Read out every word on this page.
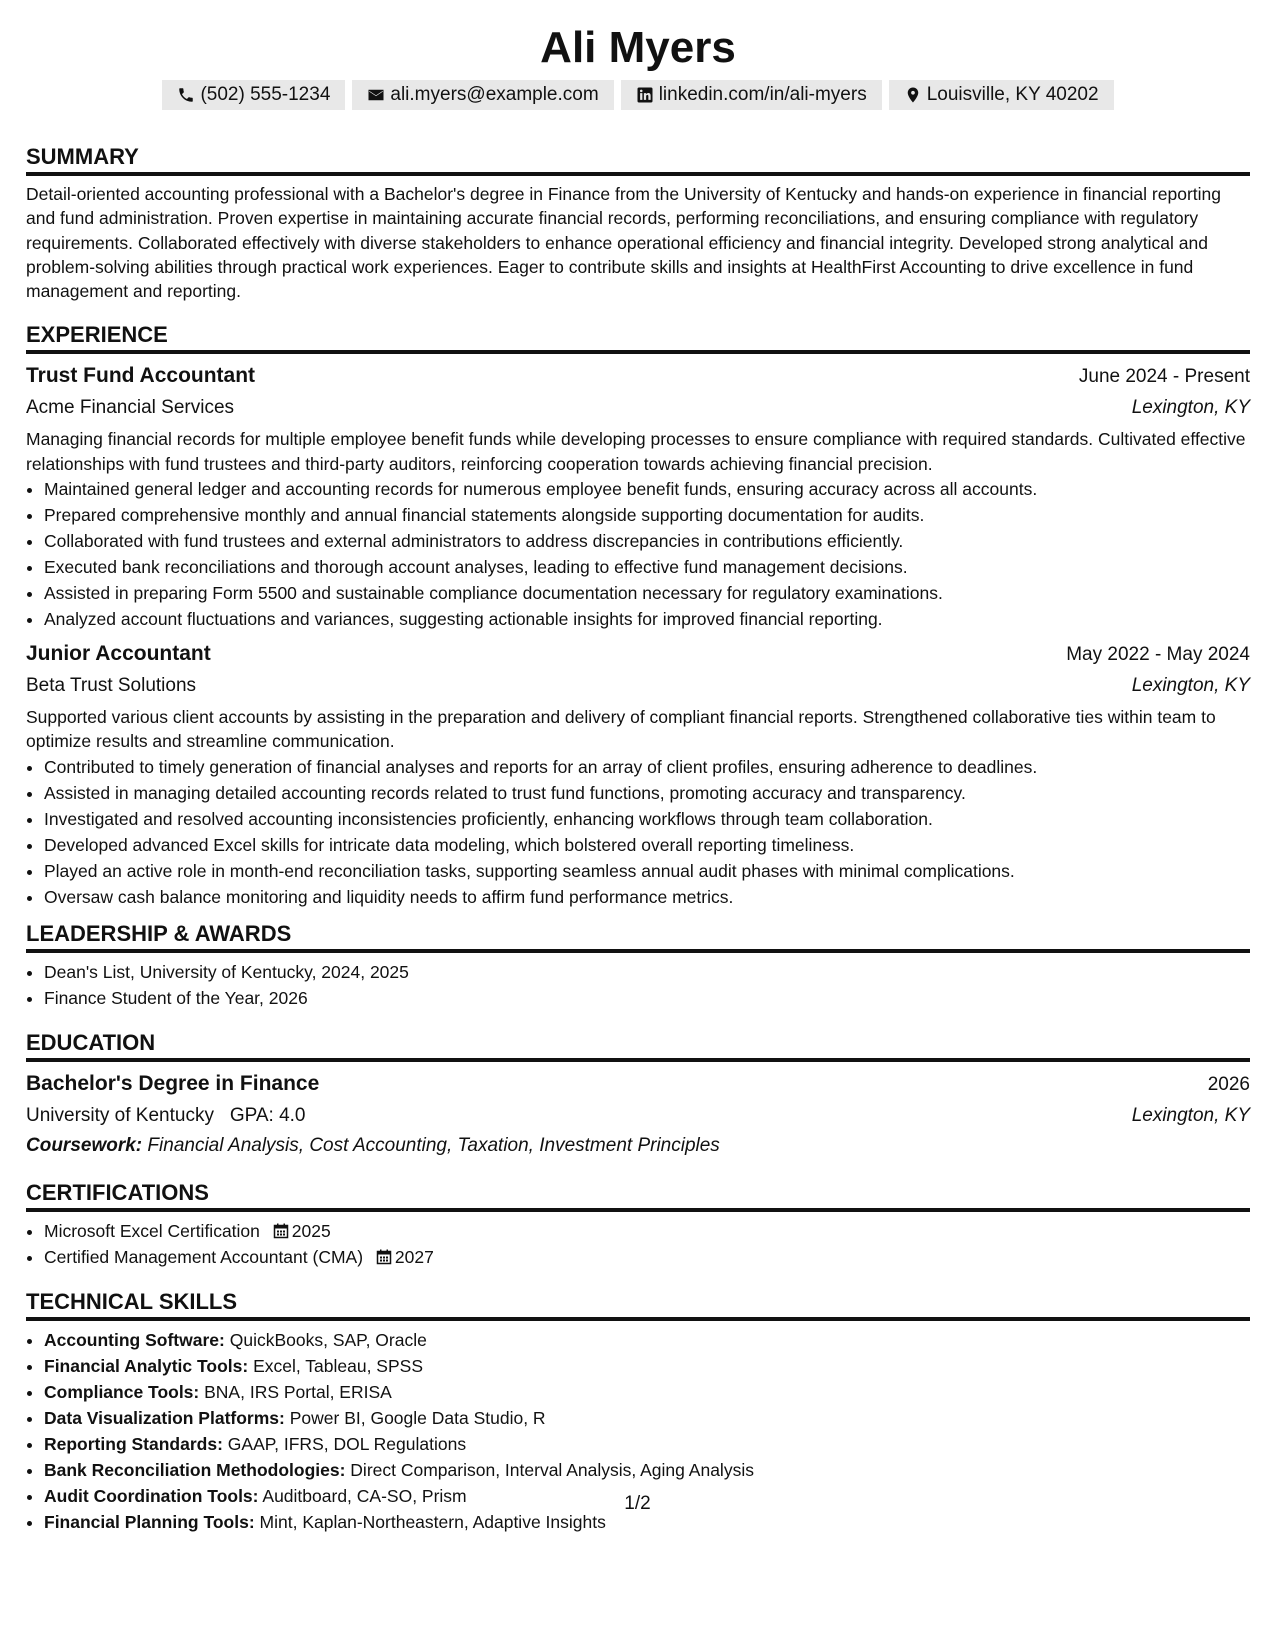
Ali Myers
(502) 555-1234	ali.myers@example.com	linkedin.com/in/ali-myers	Louisville, KY 40202
SUMMARY
Detail-oriented accounting professional with a Bachelor's degree in Finance from the University of Kentucky and hands-on experience in financial reporting and fund administration. Proven expertise in maintaining accurate financial records, performing reconciliations, and ensuring compliance with regulatory requirements. Collaborated effectively with diverse stakeholders to enhance operational efficiency and financial integrity. Developed strong analytical and problem-solving abilities through practical work experiences. Eager to contribute skills and insights at HealthFirst Accounting to drive excellence in fund management and reporting.
EXPERIENCE
Trust Fund Accountant	June 2024 - Present
Acme Financial Services	Lexington, KY
Managing financial records for multiple employee benefit funds while developing processes to ensure compliance with required standards. Cultivated effective relationships with fund trustees and third-party auditors, reinforcing cooperation towards achieving financial precision.
• Maintained general ledger and accounting records for numerous employee benefit funds, ensuring accuracy across all accounts.
• Prepared comprehensive monthly and annual financial statements alongside supporting documentation for audits.
• Collaborated with fund trustees and external administrators to address discrepancies in contributions efficiently.
• Executed bank reconciliations and thorough account analyses, leading to effective fund management decisions.
• Assisted in preparing Form 5500 and sustainable compliance documentation necessary for regulatory examinations.
• Analyzed account fluctuations and variances, suggesting actionable insights for improved financial reporting.
Junior Accountant	May 2022 - May 2024
Beta Trust Solutions	Lexington, KY
Supported various client accounts by assisting in the preparation and delivery of compliant financial reports. Strengthened collaborative ties within team to optimize results and streamline communication.
• Contributed to timely generation of financial analyses and reports for an array of client profiles, ensuring adherence to deadlines.
• Assisted in managing detailed accounting records related to trust fund functions, promoting accuracy and transparency.
• Investigated and resolved accounting inconsistencies proficiently, enhancing workflows through team collaboration.
• Developed advanced Excel skills for intricate data modeling, which bolstered overall reporting timeliness.
• Played an active role in month-end reconciliation tasks, supporting seamless annual audit phases with minimal complications.
• Oversaw cash balance monitoring and liquidity needs to affirm fund performance metrics.
LEADERSHIP & AWARDS
• Dean's List, University of Kentucky, 2024, 2025
• Finance Student of the Year, 2026
EDUCATION
Bachelor's Degree in Finance	2026
University of Kentucky GPA: 4.0	Lexington, KY
Coursework: Financial Analysis, Cost Accounting, Taxation, Investment Principles
CERTIFICATIONS
• Microsoft Excel Certification 2025
• Certified Management Accountant (CMA) 2027
TECHNICAL SKILLS
• Accounting Software: QuickBooks, SAP, Oracle
• Financial Analytic Tools: Excel, Tableau, SPSS
• Compliance Tools: BNA, IRS Portal, ERISA
• Data Visualization Platforms: Power BI, Google Data Studio, R
• Reporting Standards: GAAP, IFRS, DOL Regulations
• Bank Reconciliation Methodologies: Direct Comparison, Interval Analysis, Aging Analysis
• Audit Coordination Tools: Auditboard, CA-SO, Prism
• Financial Planning Tools: Mint, Kaplan-Northeastern, Adaptive Insights
1/2
